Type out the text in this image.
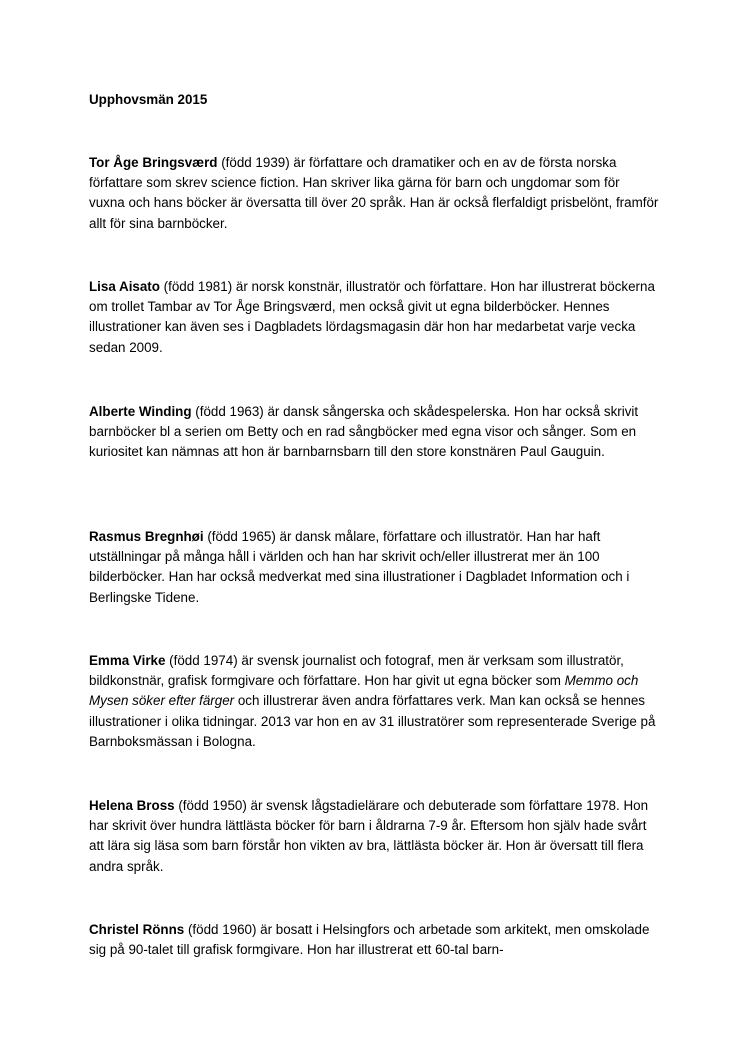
Upphovsmän 2015

Tor Åge Bringsværd (född 1939) är författare och dramatiker och en av de första norska författare som skrev science fiction. Han skriver lika gärna för barn och ungdomar som för vuxna och hans böcker är översatta till över 20 språk. Han är också flerfaldigt prisbelönt, framför allt för sina barnböcker.

Lisa Aisato (född 1981) är norsk konstnär, illustratör och författare. Hon har illustrerat böckerna om trollet Tambar av Tor Åge Bringsværd, men också givit ut egna bilderböcker. Hennes illustrationer kan även ses i Dagbladets lördagsmagasin där hon har medarbetat varje vecka sedan 2009.

Alberte Winding (född 1963) är dansk sångerska och skådespelerska. Hon har också skrivit barnböcker bl a serien om Betty och en rad sångböcker med egna visor och sånger. Som en kuriositet kan nämnas att hon är barnbarnsbarn till den store konstnären Paul Gauguin.

Rasmus Bregnhøi (född 1965) är dansk målare, författare och illustratör. Han har haft utställningar på många håll i världen och han har skrivit och/eller illustrerat mer än 100 bilderböcker. Han har också medverkat med sina illustrationer i Dagbladet Information och i Berlingske Tidene.

Emma Virke (född 1974) är svensk journalist och fotograf, men är verksam som illustratör, bildkonstnär, grafisk formgivare och författare. Hon har givit ut egna böcker som Memmo och Mysen söker efter färger och illustrerar även andra författares verk. Man kan också se hennes illustrationer i olika tidningar. 2013 var hon en av 31 illustratörer som representerade Sverige på Barnboksmässan i Bologna.

Helena Bross (född 1950) är svensk lågstadielärare och debuterade som författare 1978. Hon har skrivit över hundra lättlästa böcker för barn i åldrarna 7-9 år. Eftersom hon själv hade svårt att lära sig läsa som barn förstår hon vikten av bra, lättlästa böcker är. Hon är översatt till flera andra språk.

Christel Rönns (född 1960) är bosatt i Helsingfors och arbetade som arkitekt, men omskolade sig på 90-talet till grafisk formgivare. Hon har illustrerat ett 60-tal barn-
